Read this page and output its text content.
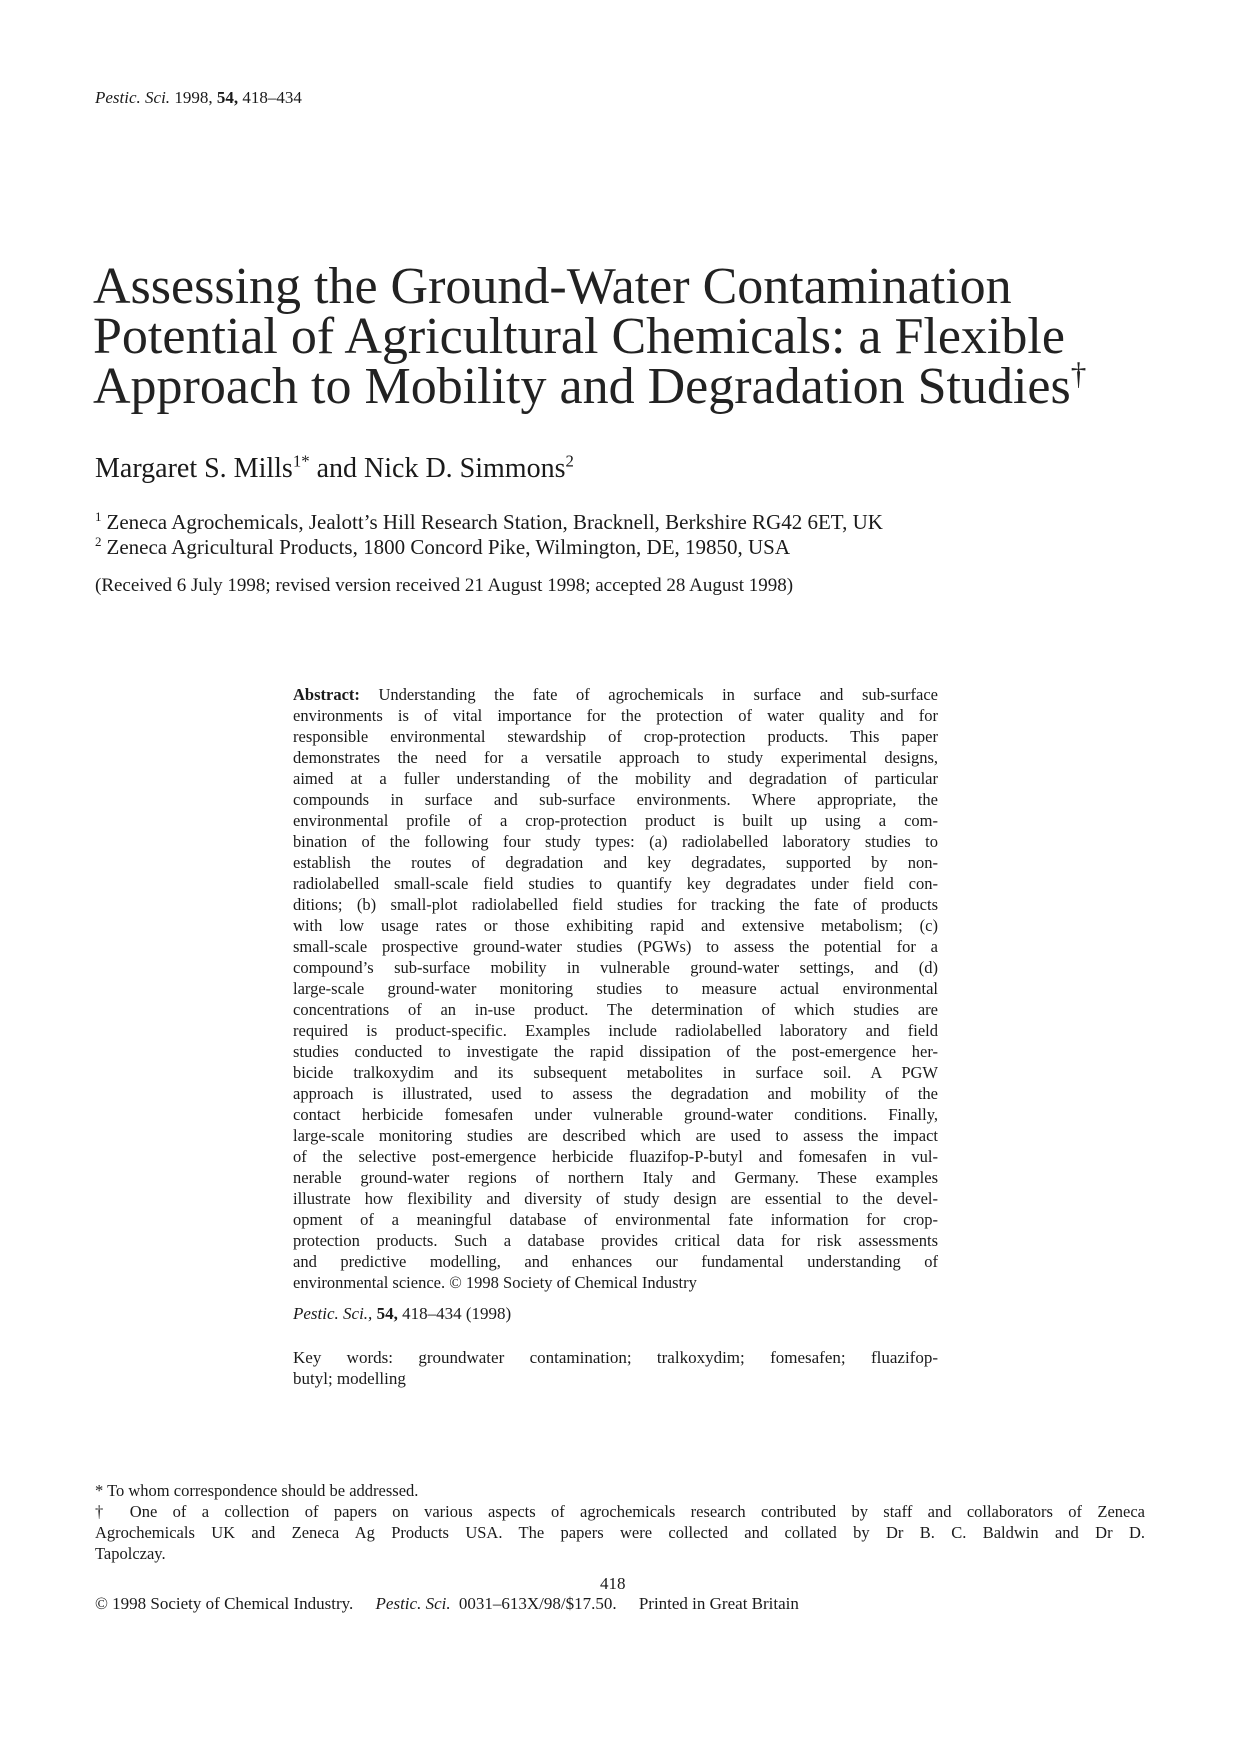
Pestic. Sci. 1998, 54, 418–434
Assessing the Ground-Water Contamination
Potential of Agricultural Chemicals: a Flexible
Approach to Mobility and Degradation Studies†
Margaret S. Mills$^{1*}$ and Nick D. Simmons$^2$
$^1$ Zeneca Agrochemicals, Jealott’s Hill Research Station, Bracknell, Berkshire RG42 6ET, UK
$^2$ Zeneca Agricultural Products, 1800 Concord Pike, Wilmington, DE, 19850, USA
(Received 6 July 1998; revised version received 21 August 1998; accepted 28 August 1998)
Abstract: Understanding the fate of agrochemicals in surface and sub-surface
environments is of vital importance for the protection of water quality and for
responsible environmental stewardship of crop-protection products. This paper
demonstrates the need for a versatile approach to study experimental designs,
aimed at a fuller understanding of the mobility and degradation of particular
compounds in surface and sub-surface environments. Where appropriate, the
environmental profile of a crop-protection product is built up using a com-
bination of the following four study types: (a) radiolabelled laboratory studies to
establish the routes of degradation and key degradates, supported by non-
radiolabelled small-scale field studies to quantify key degradates under field con-
ditions; (b) small-plot radiolabelled field studies for tracking the fate of products
with low usage rates or those exhibiting rapid and extensive metabolism; (c)
small-scale prospective ground-water studies (PGWs) to assess the potential for a
compound’s sub-surface mobility in vulnerable ground-water settings, and (d)
large-scale ground-water monitoring studies to measure actual environmental
concentrations of an in-use product. The determination of which studies are
required is product-specific. Examples include radiolabelled laboratory and field
studies conducted to investigate the rapid dissipation of the post-emergence her-
bicide tralkoxydim and its subsequent metabolites in surface soil. A PGW
approach is illustrated, used to assess the degradation and mobility of the
contact herbicide fomesafen under vulnerable ground-water conditions. Finally,
large-scale monitoring studies are described which are used to assess the impact
of the selective post-emergence herbicide fluazifop-P-butyl and fomesafen in vul-
nerable ground-water regions of northern Italy and Germany. These examples
illustrate how flexibility and diversity of study design are essential to the devel-
opment of a meaningful database of environmental fate information for crop-
protection products. Such a database provides critical data for risk assessments
and predictive modelling, and enhances our fundamental understanding of
environmental science. © 1998 Society of Chemical Industry
Pestic. Sci., 54, 418–434 (1998)
Key words: groundwater contamination; tralkoxydim; fomesafen; fluazifop-
butyl; modelling
* To whom correspondence should be addressed.
† One of a collection of papers on various aspects of agrochemicals research contributed by staff and collaborators of Zeneca
Agrochemicals UK and Zeneca Ag Products USA. The papers were collected and collated by Dr B. C. Baldwin and Dr D.
Tapolczay.
418
© 1998 Society of Chemical Industry. Pestic. Sci. 0031–613X/98/$17.50. Printed in Great Britain
